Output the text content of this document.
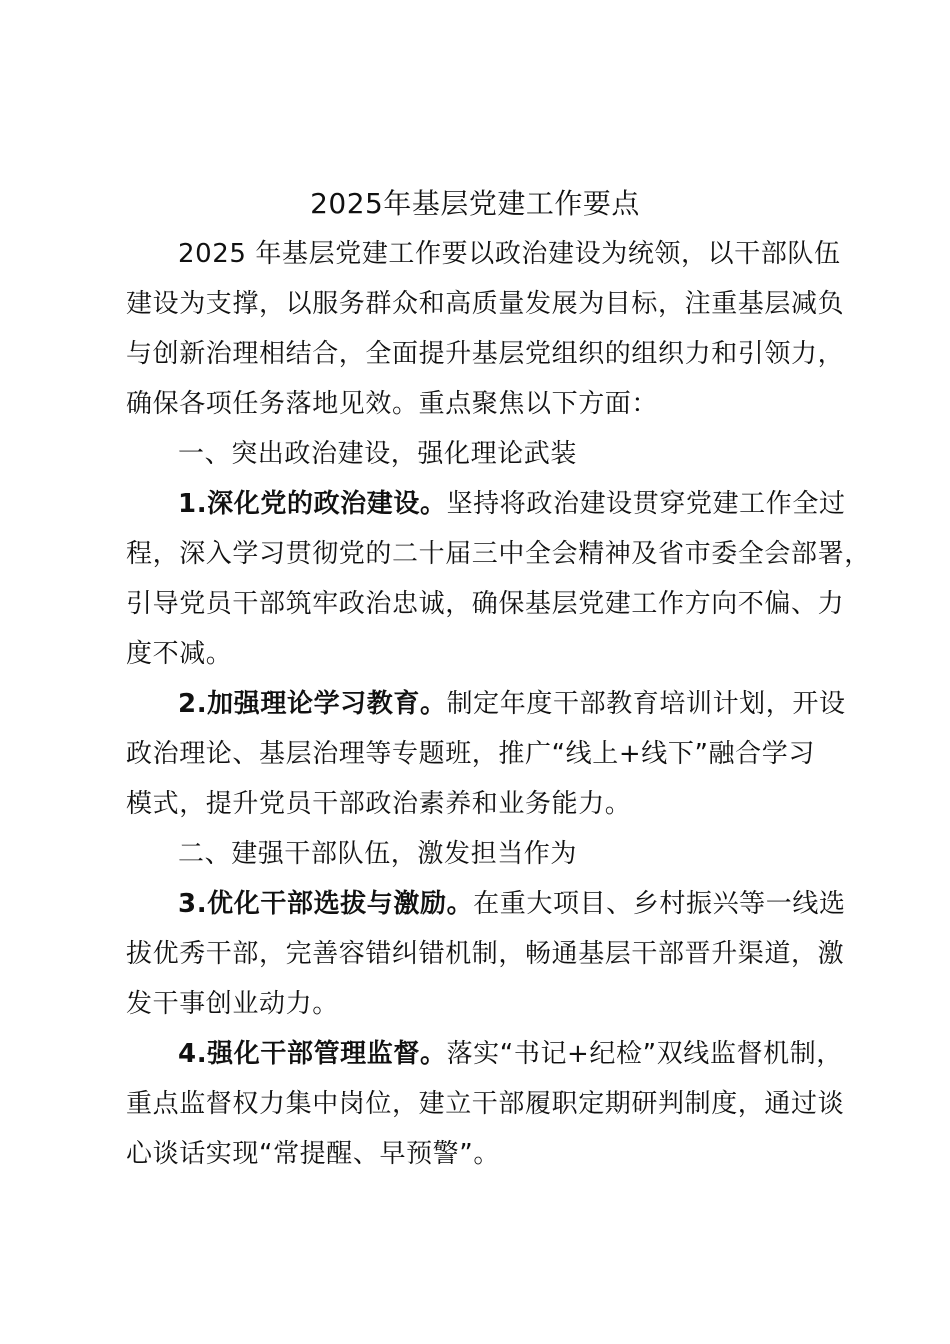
2025年基层党建工作要点
2025 年基层党建工作要以政治建设为统领，以干部队伍
建设为支撑，以服务群众和高质量发展为目标，注重基层减负
与创新治理相结合，全面提升基层党组织的组织力和引领力，
确保各项任务落地见效。重点聚焦以下方面：
一、突出政治建设，强化理论武装
1.深化党的政治建设。坚持将政治建设贯穿党建工作全过
程，深入学习贯彻党的二十届三中全会精神及省市委全会部署，
引导党员干部筑牢政治忠诚，确保基层党建工作方向不偏、力
度不减。
2.加强理论学习教育。制定年度干部教育培训计划，开设
政治理论、基层治理等专题班，推广“线上+线下”融合学习
模式，提升党员干部政治素养和业务能力。
二、建强干部队伍，激发担当作为
3.优化干部选拔与激励。在重大项目、乡村振兴等一线选
拔优秀干部，完善容错纠错机制，畅通基层干部晋升渠道，激
发干事创业动力。
4.强化干部管理监督。落实“书记+纪检”双线监督机制，
重点监督权力集中岗位，建立干部履职定期研判制度，通过谈
心谈话实现“常提醒、早预警”。
